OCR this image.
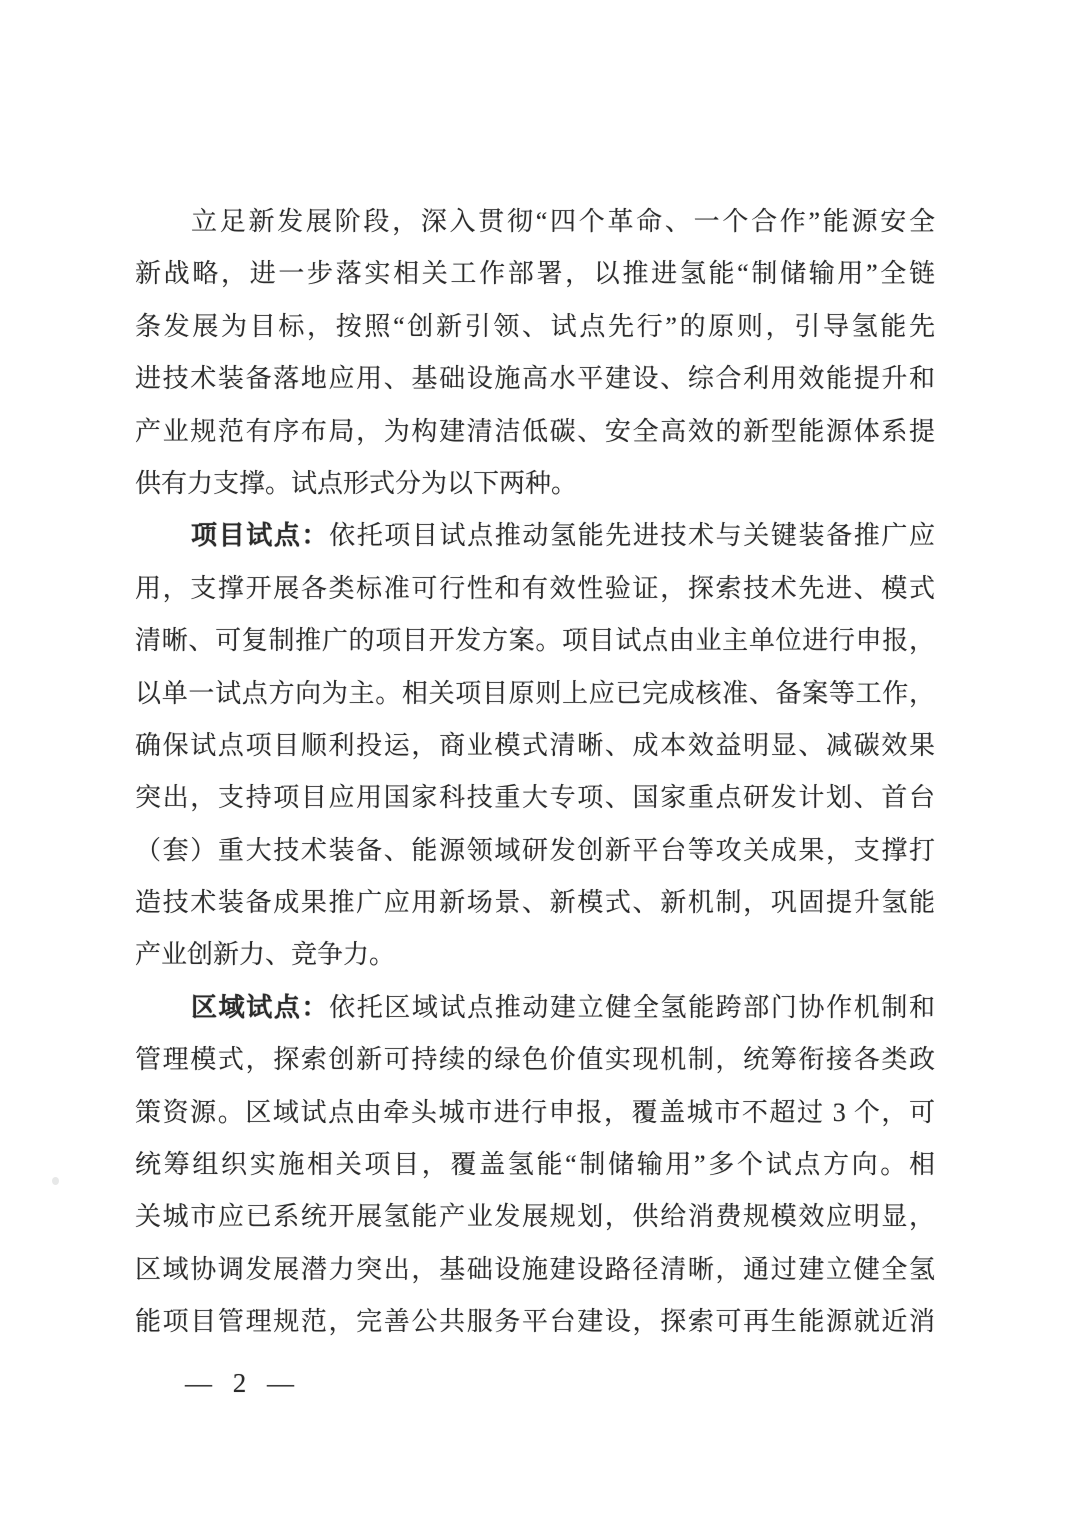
立足新发展阶段，深入贯彻“四个革命、一个合作”能源安全
新战略，进一步落实相关工作部署，以推进氢能“制储输用”全链
条发展为目标，按照“创新引领、试点先行”的原则，引导氢能先
进技术装备落地应用、基础设施高水平建设、综合利用效能提升和
产业规范有序布局，为构建清洁低碳、安全高效的新型能源体系提
供有力支撑。试点形式分为以下两种。
项目试点：依托项目试点推动氢能先进技术与关键装备推广应
用，支撑开展各类标准可行性和有效性验证，探索技术先进、模式
清晰、可复制推广的项目开发方案。项目试点由业主单位进行申报，
以单一试点方向为主。相关项目原则上应已完成核准、备案等工作，
确保试点项目顺利投运，商业模式清晰、成本效益明显、减碳效果
突出，支持项目应用国家科技重大专项、国家重点研发计划、首台
（套）重大技术装备、能源领域研发创新平台等攻关成果，支撑打
造技术装备成果推广应用新场景、新模式、新机制，巩固提升氢能
产业创新力、竞争力。
区域试点：依托区域试点推动建立健全氢能跨部门协作机制和
管理模式，探索创新可持续的绿色价值实现机制，统筹衔接各类政
策资源。区域试点由牵头城市进行申报，覆盖城市不超过 3 个，可
统筹组织实施相关项目，覆盖氢能“制储输用”多个试点方向。相
关城市应已系统开展氢能产业发展规划，供给消费规模效应明显，
区域协调发展潜力突出，基础设施建设路径清晰，通过建立健全氢
能项目管理规范，完善公共服务平台建设，探索可再生能源就近消
— 2 —
